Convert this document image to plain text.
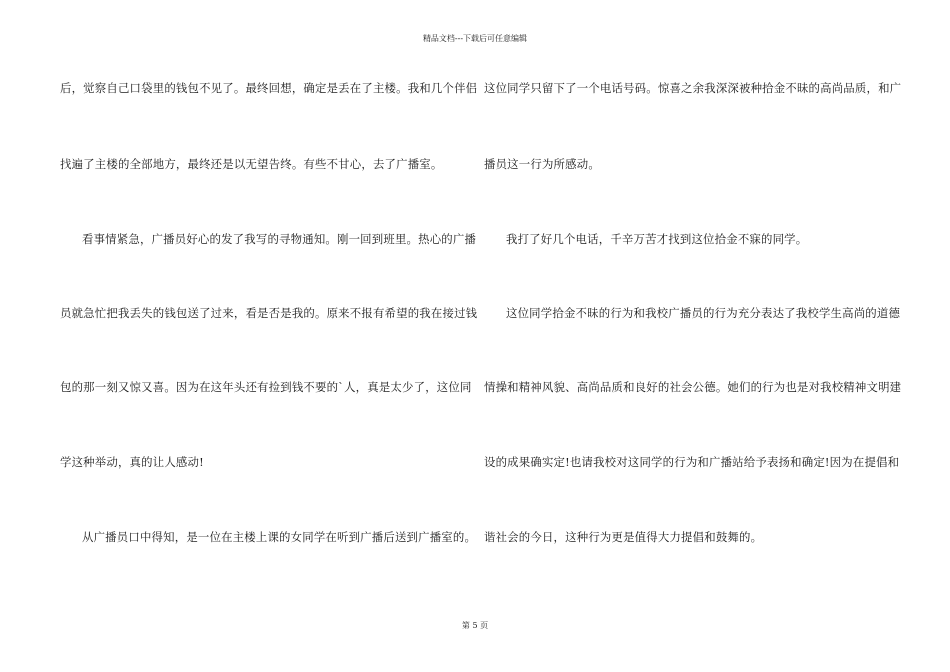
精品文档---下载后可任意编辑
后，觉察自己口袋里的钱包不见了。最终回想，确定是丢在了主楼。我和几个伴侣
找遍了主楼的全部地方，最终还是以无望告终。有些不甘心，去了广播室。
看事情紧急，广播员好心的发了我写的寻物通知。刚一回到班里。热心的广播
员就急忙把我丢失的钱包送了过来，看是否是我的。原来不报有希望的我在接过钱
包的那一刻又惊又喜。因为在这年头还有捡到钱不要的`人，真是太少了，这位同
学这种举动，真的让人感动!
从广播员口中得知，是一位在主楼上课的女同学在听到广播后送到广播室的。
这位同学只留下了一个电话号码。惊喜之余我深深被种拾金不昧的高尚品质，和广
播员这一行为所感动。
我打了好几个电话，千辛万苦才找到这位拾金不寐的同学。
这位同学拾金不昧的行为和我校广播员的行为充分表达了我校学生高尚的道德
情操和精神风貌、高尚品质和良好的社会公德。她们的行为也是对我校精神文明建
设的成果确实定!也请我校对这同学的行为和广播站给予表扬和确定!因为在提倡和
谐社会的今日，这种行为更是值得大力提倡和鼓舞的。
第 5 页
